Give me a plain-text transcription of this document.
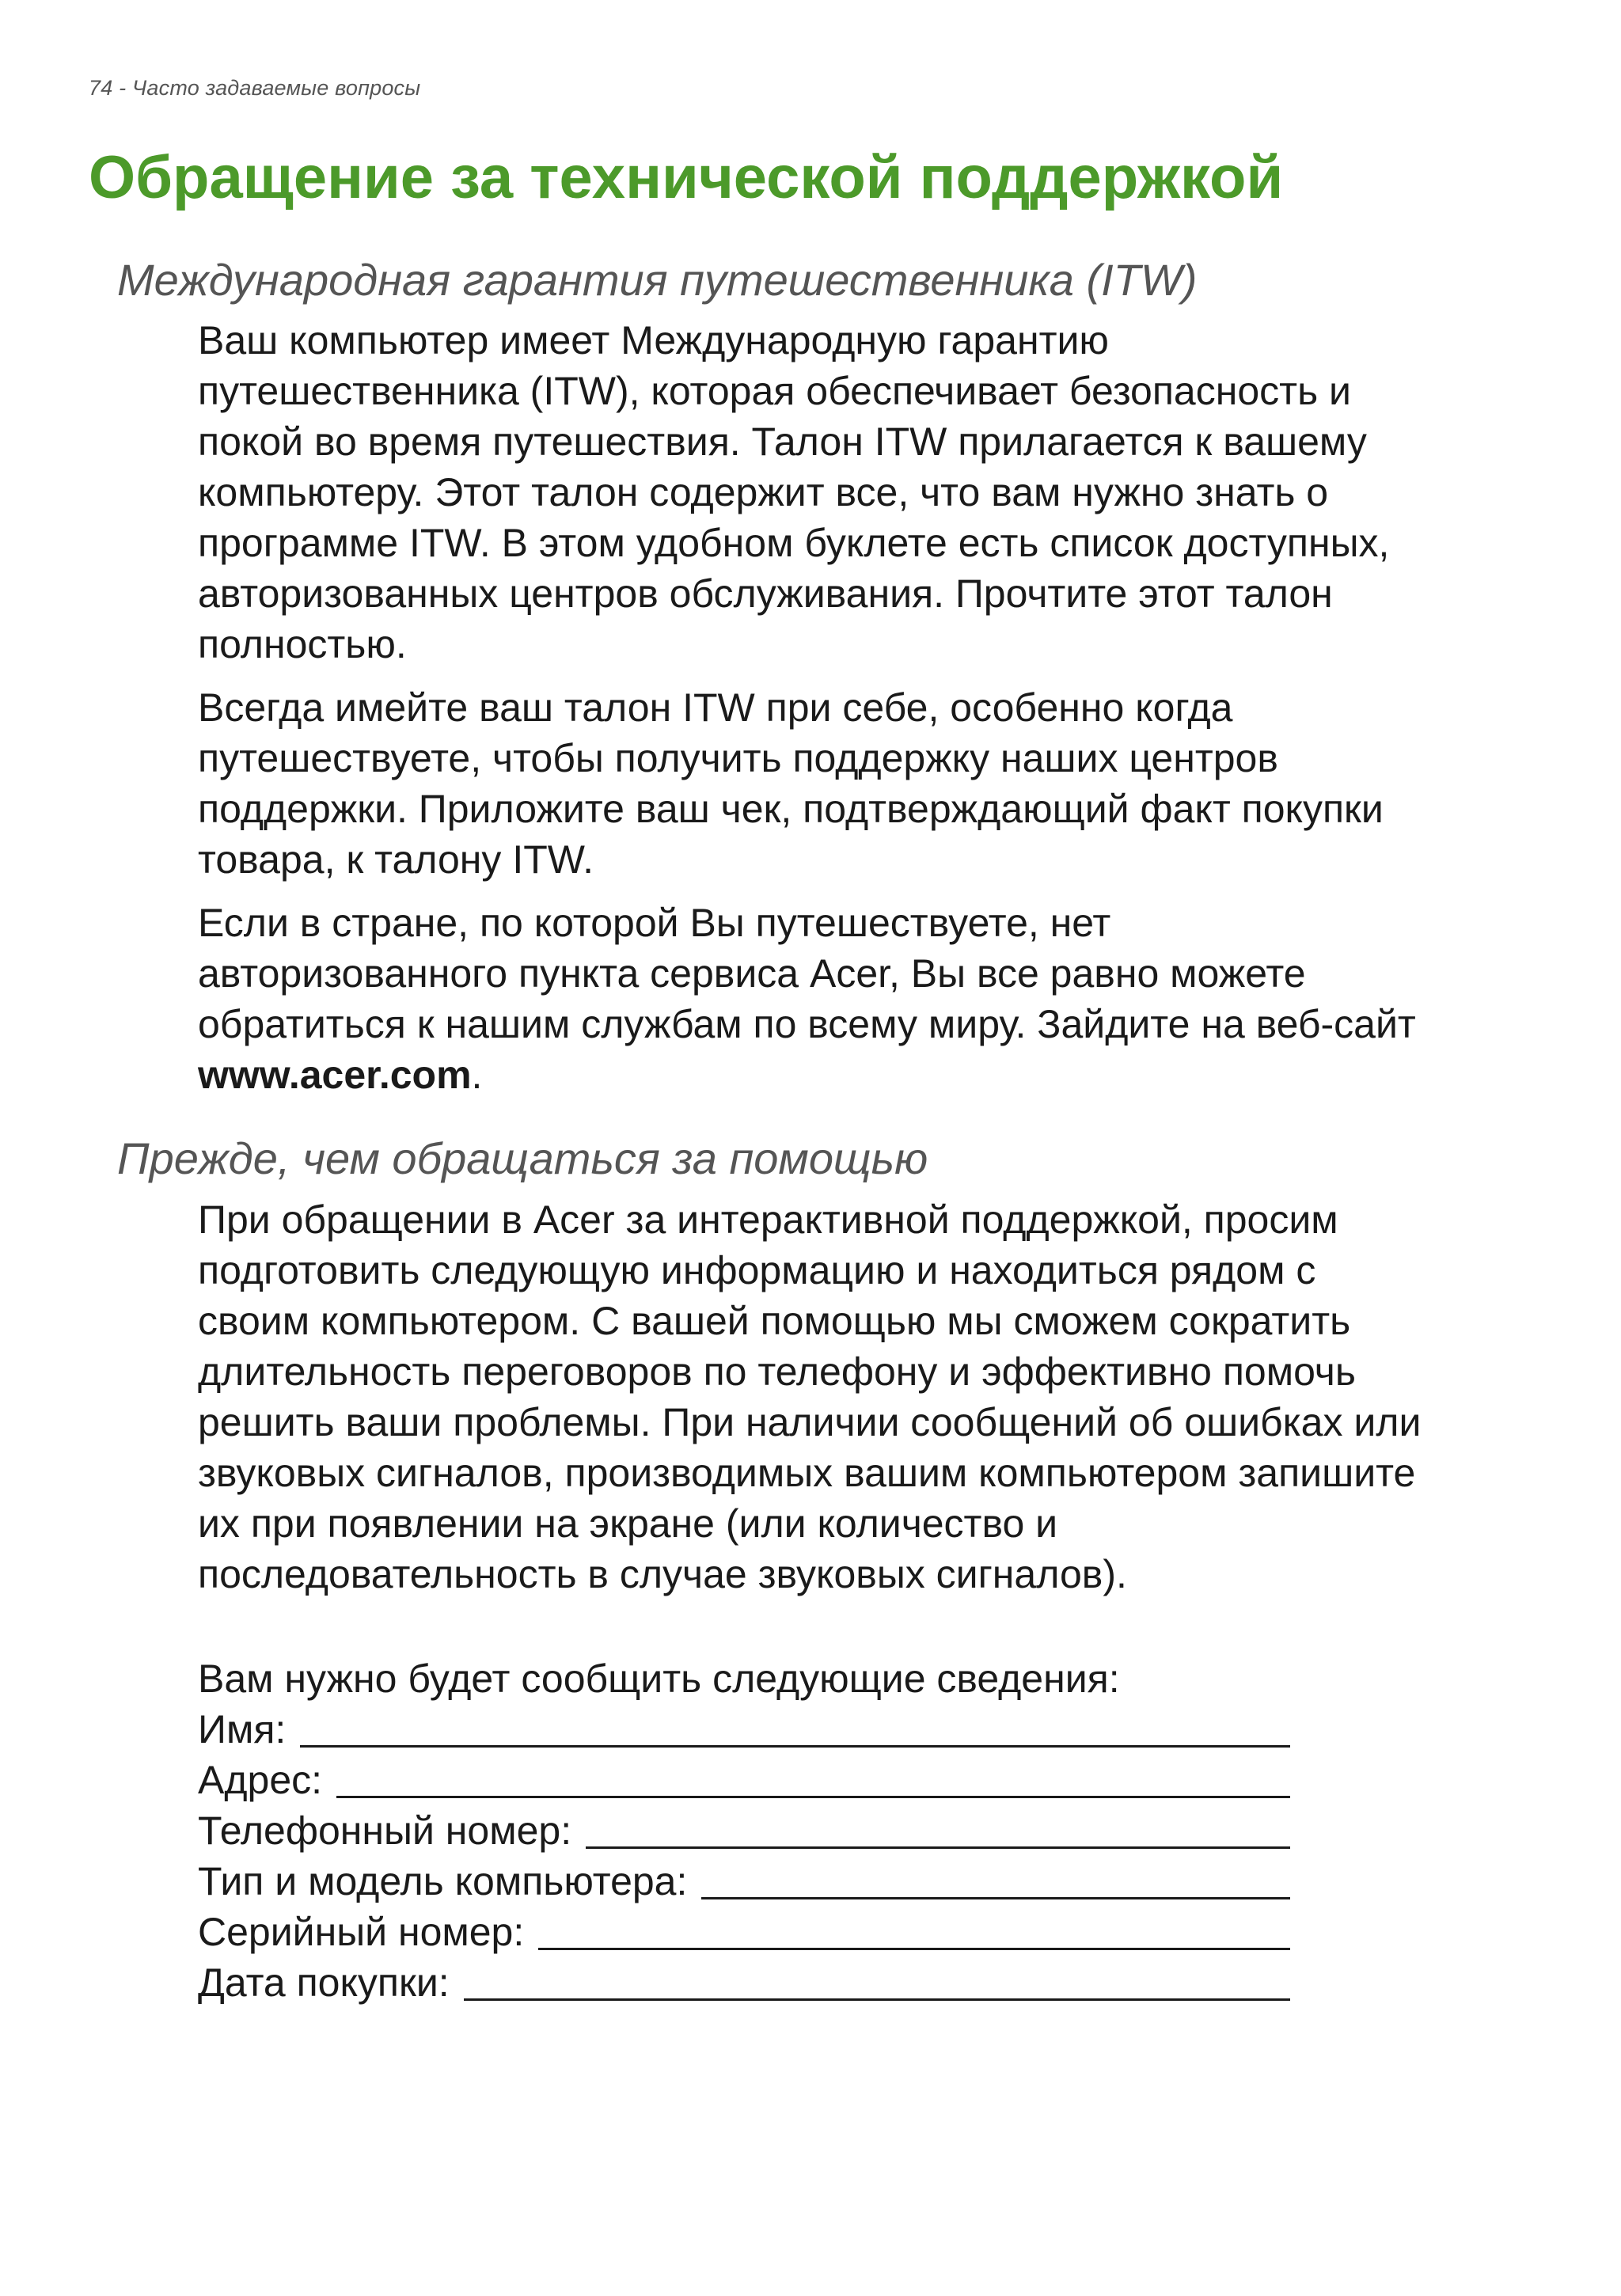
74 - Часто задаваемые вопросы
Обращение за технической поддержкой
Международная гарантия путешественника (ITW)

Ваш компьютер имеет Международную гарантию
путешественника (ITW), которая обеспечивает безопасность и
покой во время путешествия. Талон ITW прилагается к вашему
компьютеру. Этот талон содержит все, что вам нужно знать о
программе ITW. В этом удобном буклете есть список доступных,
авторизованных центров обслуживания. Прочтите этот талон
полностью.

Всегда имейте ваш талон ITW при себе, особенно когда
путешествуете, чтобы получить поддержку наших центров
поддержки. Приложите ваш чек, подтверждающий факт покупки
товара, к талону ITW.

Если в стране, по которой Вы путешествуете, нет
авторизованного пункта сервиса Acer, Вы все равно можете
обратиться к нашим службам по всему миру. Зайдите на веб-сайт
www.acer.com.

Прежде, чем обращаться за помощью

При обращении в Acer за интерактивной поддержкой, просим
подготовить следующую информацию и находиться рядом с
своим компьютером. С вашей помощью мы сможем сократить
длительность переговоров по телефону и эффективно помочь
решить ваши проблемы. При наличии сообщений об ошибках или
звуковых сигналов, производимых вашим компьютером запишите
их при появлении на экране (или количество и
последовательность в случае звуковых сигналов).

Вам нужно будет сообщить следующие сведения:
Имя:
Адрес:
Телефонный номер:
Тип и модель компьютера:
Серийный номер:
Дата покупки:
